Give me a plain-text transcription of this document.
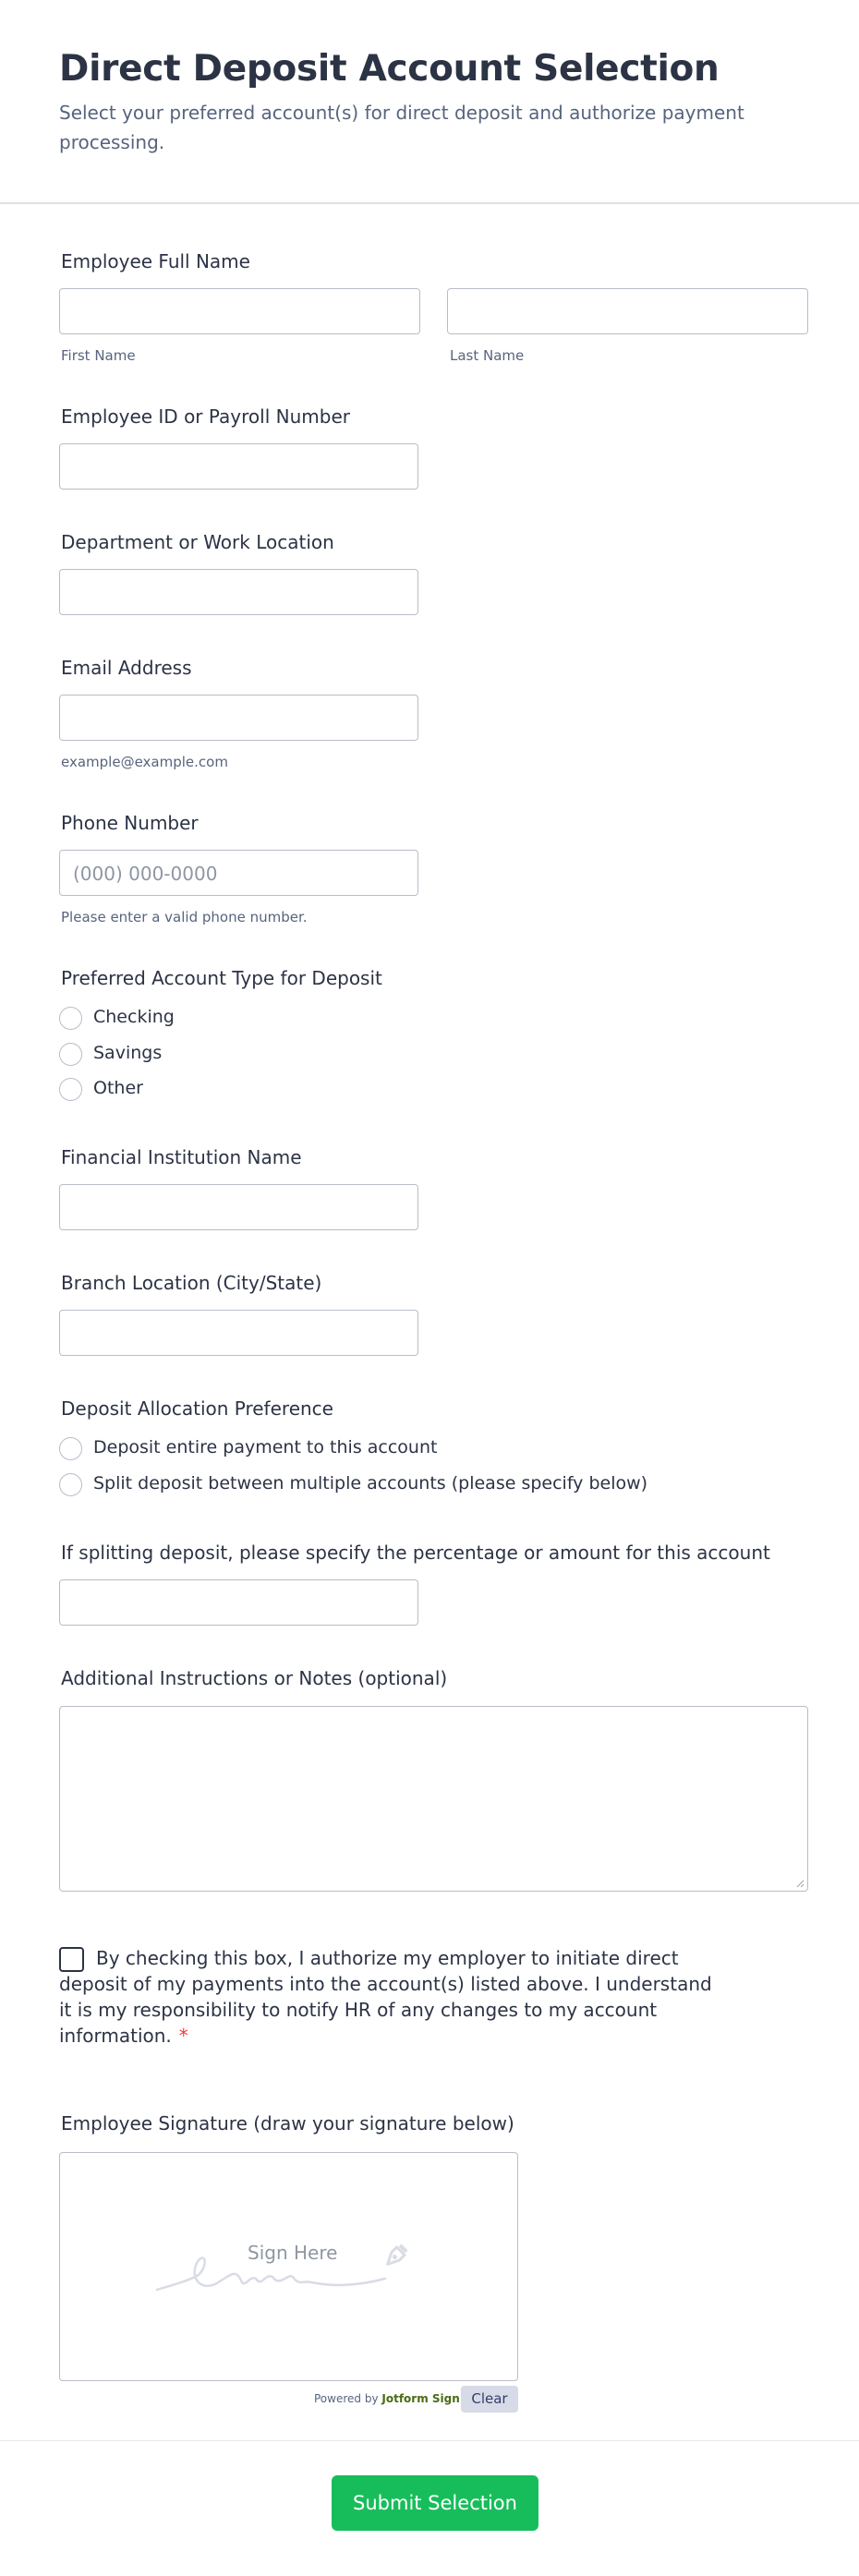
Direct Deposit Account Selection
Select your preferred account(s) for direct deposit and authorize payment processing.
Employee Full Name
First Name	Last Name
Employee ID or Payroll Number
Department or Work Location
Email Address
example@example.com
Phone Number
(000) 000-0000
Please enter a valid phone number.
Preferred Account Type for Deposit
Checking
Savings
Other
Financial Institution Name
Branch Location (City/State)
Deposit Allocation Preference
Deposit entire payment to this account
Split deposit between multiple accounts (please specify below)
If splitting deposit, please specify the percentage or amount for this account
Additional Instructions or Notes (optional)
By checking this box, I authorize my employer to initiate direct deposit of my payments into the account(s) listed above. I understand it is my responsibility to notify HR of any changes to my account information. *
Employee Signature (draw your signature below)
Sign Here
Powered by Jotform Sign Clear
Submit Selection
